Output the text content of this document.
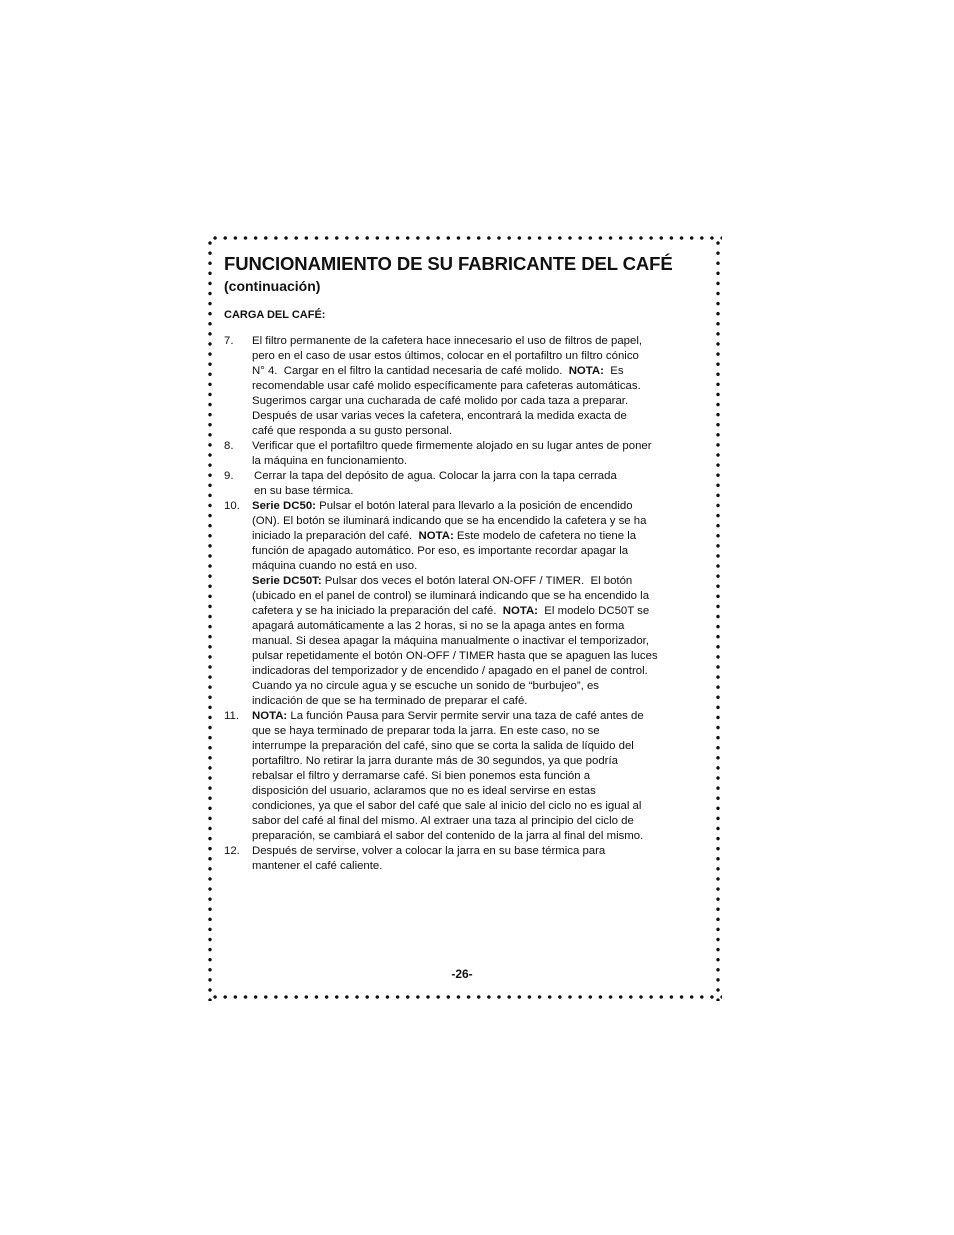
FUNCIONAMIENTO DE SU FABRICANTE DEL CAFÉ
(continuación)
CARGA DEL CAFÉ:
7. El filtro permanente de la cafetera hace innecesario el uso de filtros de papel,
pero en el caso de usar estos últimos, colocar en el portafiltro un filtro cónico
N° 4.  Cargar en el filtro la cantidad necesaria de café molido.  NOTA:  Es
recomendable usar café molido específicamente para cafeteras automáticas.
Sugerimos cargar una cucharada de café molido por cada taza a preparar.
Después de usar varias veces la cafetera, encontrará la medida exacta de
café que responda a su gusto personal.
8. Verificar que el portafiltro quede firmemente alojado en su lugar antes de poner
la máquina en funcionamiento.
9. Cerrar la tapa del depósito de agua. Colocar la jarra con la tapa cerrada
en su base térmica.
10. Serie DC50: Pulsar el botón lateral para llevarlo a la posición de encendido
(ON). El botón se iluminará indicando que se ha encendido la cafetera y se ha
iniciado la preparación del café.  NOTA: Este modelo de cafetera no tiene la
función de apagado automático. Por eso, es importante recordar apagar la
máquina cuando no está en uso.
Serie DC50T: Pulsar dos veces el botón lateral ON-OFF / TIMER.  El botón
(ubicado en el panel de control) se iluminará indicando que se ha encendido la
cafetera y se ha iniciado la preparación del café.  NOTA:  El modelo DC50T se
apagará automáticamente a las 2 horas, si no se la apaga antes en forma
manual. Si desea apagar la máquina manualmente o inactivar el temporizador,
pulsar repetidamente el botón ON-OFF / TIMER hasta que se apaguen las luces
indicadoras del temporizador y de encendido / apagado en el panel de control.
Cuando ya no circule agua y se escuche un sonido de “burbujeo”, es
indicación de que se ha terminado de preparar el café.
11. NOTA: La función Pausa para Servir permite servir una taza de café antes de
que se haya terminado de preparar toda la jarra. En este caso, no se
interrumpe la preparación del café, sino que se corta la salida de líquido del
portafiltro. No retirar la jarra durante más de 30 segundos, ya que podría
rebalsar el filtro y derramarse café. Si bien ponemos esta función a
disposición del usuario, aclaramos que no es ideal servirse en estas
condiciones, ya que el sabor del café que sale al inicio del ciclo no es igual al
sabor del café al final del mismo. Al extraer una taza al principio del ciclo de
preparación, se cambiará el sabor del contenido de la jarra al final del mismo.
12. Después de servirse, volver a colocar la jarra en su base térmica para
mantener el café caliente.
-26-
